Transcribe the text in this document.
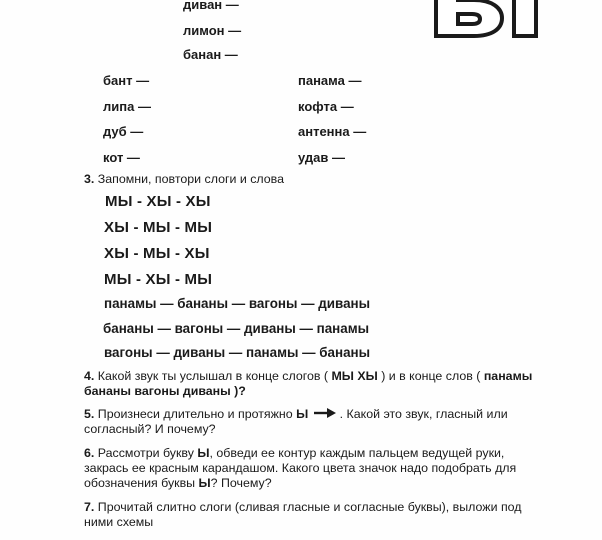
диван —
лимон —
банан —
бант —
липа —
дуб —
кот —
панама —
кофта —
антенна —
удав —
3. Запомни, повтори слоги и слова
МЫ - ХЫ - ХЫ
ХЫ - МЫ - МЫ
ХЫ - МЫ - ХЫ
МЫ - ХЫ - МЫ
панамы — бананы — вагоны — диваны
бананы — вагоны — диваны — панамы
вагоны — диваны — панамы — бананы
4. Какой звук ты услышал в конце слогов ( МЫ ХЫ ) и в конце слов ( панамы
бананы вагоны диваны )?
5. Произнеси длительно и протяжно Ы . Какой это звук, гласный или
согласный? И почему?
6. Рассмотри букву Ы, обведи ее контур каждым пальцем ведущей руки,
закрась ее красным карандашом. Какого цвета значок надо подобрать для
обозначения буквы Ы? Почему?
7. Прочитай слитно слоги (сливая гласные и согласные буквы), выложи под
ними схемы
